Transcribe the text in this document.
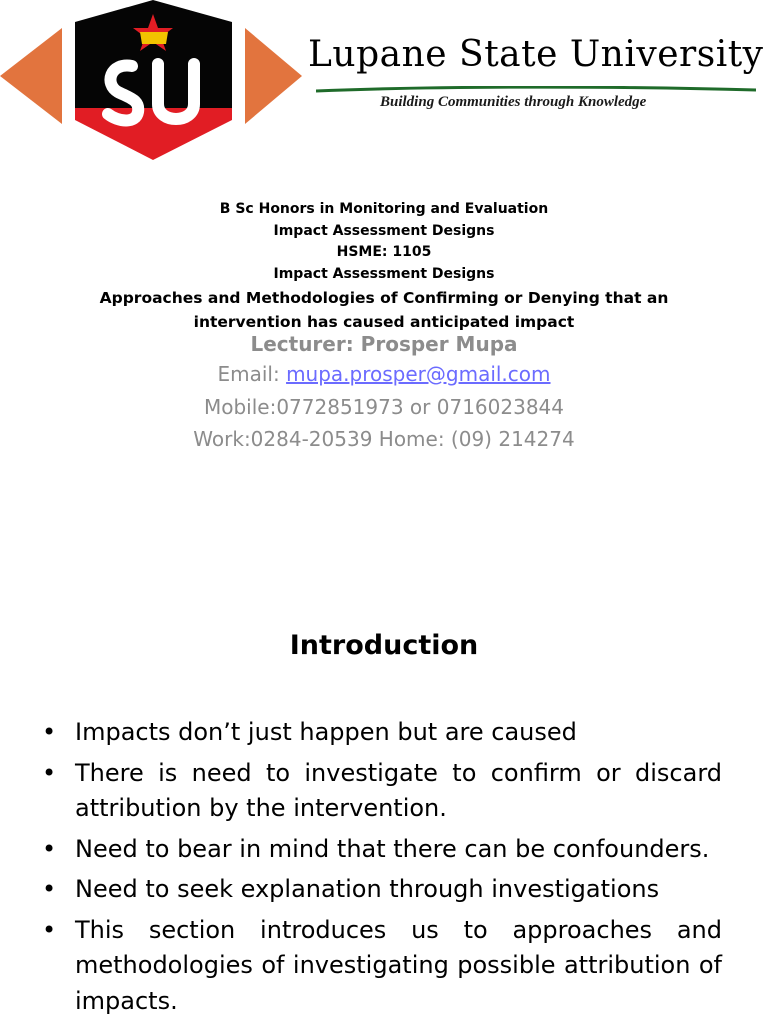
Lupane State University
Building Communities through Knowledge
B Sc Honors in Monitoring and Evaluation
Impact Assessment Designs
HSME: 1105
Impact Assessment Designs
Approaches and Methodologies of Confirming or Denying that an
intervention has caused anticipated impact
Lecturer: Prosper Mupa
Email: mupa.prosper@gmail.com
Mobile:0772851973 or 0716023844
Work:0284-20539 Home: (09) 214274
Introduction
• Impacts don’t just happen but are caused
• There is need to investigate to confirm or discard attribution by the intervention.
• Need to bear in mind that there can be confounders.
• Need to seek explanation through investigations
• This section introduces us to approaches and methodologies of investigating possible attribution of impacts.
